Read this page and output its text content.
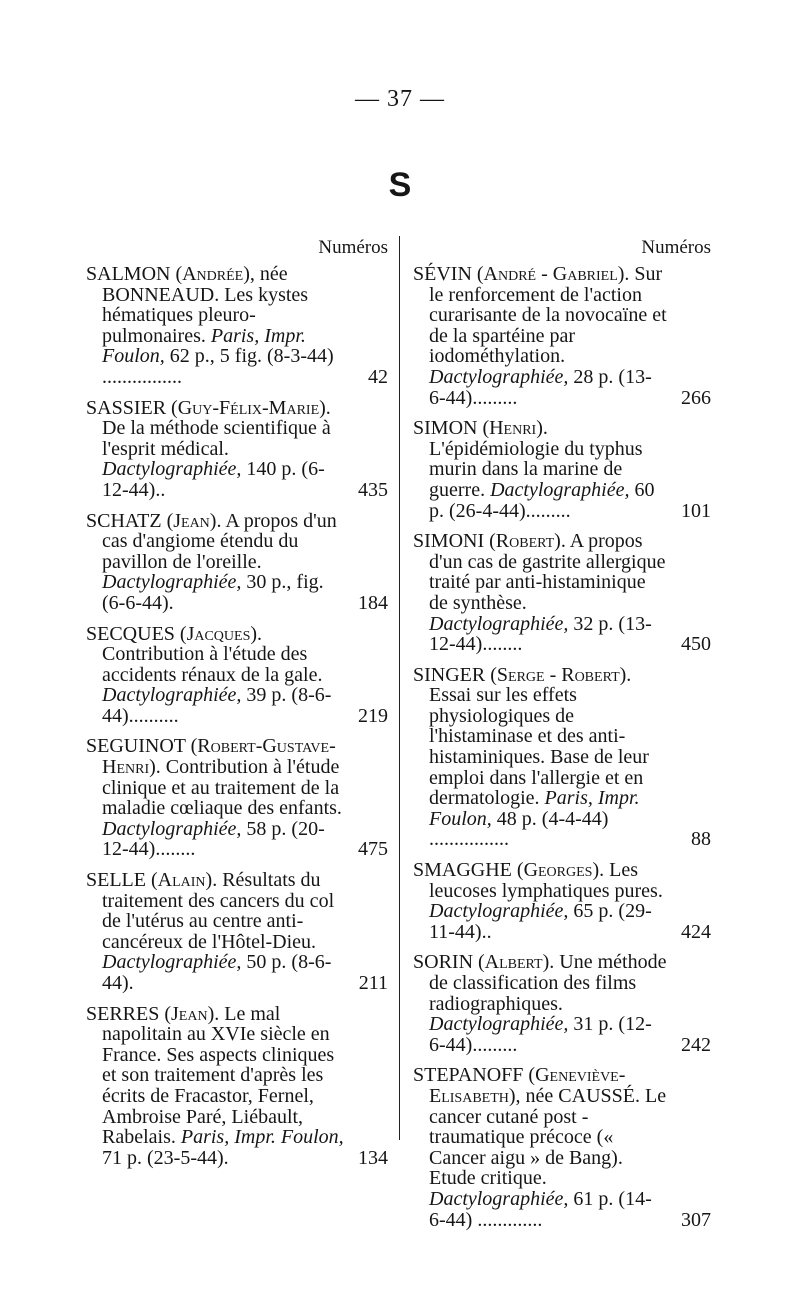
— 37 —
S
Numéros
SALMON (Andrée), née BONNEAUD. Les kystes hématiques pleuro-pulmonaires. Paris, Impr. Foulon, 62 p., 5 fig. (8-3-44) ................	42
SASSIER (Guy-Félix-Marie). De la méthode scientifique à l'esprit médical. Dactylographiée, 140 p. (6-12-44)..	435
SCHATZ (Jean). A propos d'un cas d'angiome étendu du pavillon de l'oreille. Dactylographiée, 30 p., fig. (6-6-44).	184
SECQUES (Jacques). Contribution à l'étude des accidents rénaux de la gale. Dactylographiée, 39 p. (8-6-44)..........	219
SEGUINOT (Robert-Gustave-Henri). Contribution à l'étude clinique et au traitement de la maladie cœliaque des enfants. Dactylographiée, 58 p. (20-12-44)........	475
SELLE (Alain). Résultats du traitement des cancers du col de l'utérus au centre anti-cancéreux de l'Hôtel-Dieu. Dactylographiée, 50 p. (8-6-44).	211
SERRES (Jean). Le mal napolitain au XVIe siècle en France. Ses aspects cliniques et son traitement d'après les écrits de Fracastor, Fernel, Ambroise Paré, Liébault, Rabelais. Paris, Impr. Foulon, 71 p. (23-5-44).	134
Numéros
SÉVIN (André - Gabriel). Sur le renforcement de l'action curarisante de la novocaïne et de la spartéine par iodométhylation. Dactylographiée, 28 p. (13-6-44).........	266
SIMON (Henri). L'épidémiologie du typhus murin dans la marine de guerre. Dactylographiée, 60 p. (26-4-44).........	101
SIMONI (Robert). A propos d'un cas de gastrite allergique traité par anti-histaminique de synthèse. Dactylographiée, 32 p. (13-12-44)........	450
SINGER (Serge - Robert). Essai sur les effets physiologiques de l'histaminase et des anti-histaminiques. Base de leur emploi dans l'allergie et en dermatologie. Paris, Impr. Foulon, 48 p. (4-4-44) ................	88
SMAGGHE (Georges). Les leucoses lymphatiques pures. Dactylographiée, 65 p. (29-11-44)..	424
SORIN (Albert). Une méthode de classification des films radiographiques. Dactylographiée, 31 p. (12-6-44).........	242
STEPANOFF (Geneviève-Elisabeth), née CAUSSÉ. Le cancer cutané post - traumatique précoce (« Cancer aigu » de Bang). Etude critique. Dactylographiée, 61 p. (14-6-44) .............	307
